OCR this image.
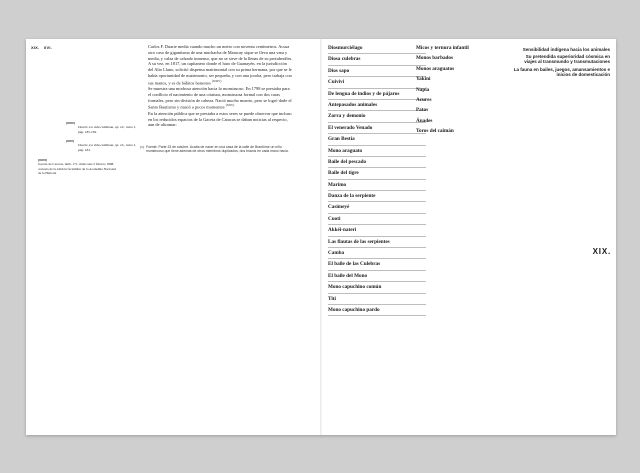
XIX. XVI.	Carlos F. Duarte media cuando mucho un metro con noventa centímetros. Acusa otro caso de gigantismo de una muchacha de Maracay sique se lleva una vara y media, y calza de calzado inmenso, que no se sirve de la llenas de su protuberáles. A su vez, en 1817, un capitanero donde el haro de Guanayén, en la jurisdicción del Alto Llano, solicitó dispensa matrimonial con su prima hermana, por que se le había oportunidad de matrimonio, ser pequeña, y con una joroba, pero trabaja con sus manos, y es de hábitos honestos $^{(XXIV)}$

Se muestra una morbosa atención hacia lo monstruoso. En 1798 se prestaba para el conflicto el nacimiento de una criatura, monstruosa formal con dos caras formales, pero sin división de cabeza. Nació mucho muerto, pero se logró darle el Santo Bautismo y murió a pocos momentos $^{(XXV)}$

En la atención pública que se prestaba a estos seres se puede observar que incluso en los reducidos espacios de la Gaceta de Caracas se daban noticias al respecto, aun de ultramar:

(5) Fuente: Parte 33 de octubre. Acaba de nacer en una casa de la calle de Brantôme un niño monstruoso que tiene además de otros miembros duplicados, dos brazos en cada mano hacia.
(XXIV)
Duarte, La vida cotidiana, op. cit., tomo I, pág. 183-184.
(XXV)
Duarte, La vida cotidiana, op. cit., tomo I, pág. 184.
(XXVI)
Gaceta de Caracas, núm. 171, miércoles 2 febrero 1808, cortesía de la edición facsimilar de la Academia Nacional de la Historia
Diosmurciélago
Diosa culebras
Dios sapo
Cuivivi
De lengua de indios y de pájaros
Antepasados animales
Zorra y demonio
El venerado Venado
Gran Bestia
Mono araguato
Baile del pescado
Baile del tigre
Marimo
Danza de la serpiente
Casimeyé
Cuoti
Akkéi-nateri
Las flautas de las serpientes
Camba
El baile de las Culebras
El baile del Mono
Mono capuchino común
Titi
Mono capuchino pardo
Micos y ternura infantil
Monos barbados
Monos araguatos
Yakini
Napia
Acures
Patos
Ánades
Toros del caimán
Sensibilidad indígena hacia los animales
Su pretendida superioridad cósmica en viajes al transmundo y transmutaciones
La fauna en bailes, juegos, amansamientos e inicios de domesticación
XIX.
